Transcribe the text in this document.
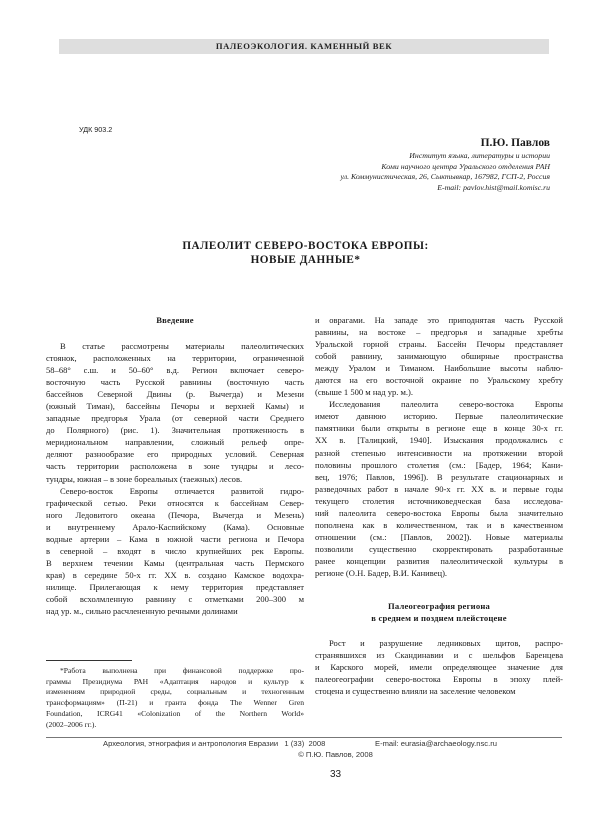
ПАЛЕОЭКОЛОГИЯ. КАМЕННЫЙ ВЕК
УДК 903.2
П.Ю. Павлов
Институт языка, литературы и истории
Коми научного центра Уральского отделения РАН
ул. Коммунистическая, 26, Сыктывкар, 167982, ГСП-2, Россия
E-mail: pavlov.hist@mail.komisc.ru
ПАЛЕОЛИТ СЕВЕРО-ВОСТОКА ЕВРОПЫ:
НОВЫЕ ДАННЫЕ*
Введение
В статье рассмотрены материалы палеолитических
стоянок, расположенных на территории, ограниченной
58–68° с.ш. и 50–60° в.д. Регион включает северо-
восточную часть Русской равнины (восточную часть
бассейнов Северной Двины (р. Вычегда) и Мезени
(южный Тиман), бассейны Печоры и верхней Камы) и
западные предгорья Урала (от северной части Среднего
до Полярного) (рис. 1). Значительная протяженность в
меридиональном направлении, сложный рельеф опре-
деляют разнообразие его природных условий. Северная
часть территории расположена в зоне тундры и лесо-
тундры, южная – в зоне бореальных (таежных) лесов.
Северо-восток Европы отличается развитой гидро-
графической сетью. Реки относятся к бассейнам Север-
ного Ледовитого океана (Печора, Вычегда и Мезень)
и внутреннему Арало-Каспийскому (Кама). Основные
водные артерии – Кама в южной части региона и Печора
в северной – входят в число крупнейших рек Европы.
В верхнем течении Камы (центральная часть Пермского
края) в середине 50-х гг. XX в. создано Камское водохра-
нилище. Прилегающая к нему территория представляет
собой всхолмленную равнину с отметками 200–300 м
над ур. м., сильно расчлененную речными долинами
*Работа выполнена при финансовой поддержке про-
граммы Президиума РАН «Адаптация народов и культур к
изменениям природной среды, социальным и техногенным
трансформациям» (П-21) и гранта фонда The Wenner Gren
Foundation, ICRG41 «Colonization of the Northern World»
(2002–2006 гг.).
и оврагами. На западе это приподнятая часть Русской
равнины, на востоке – предгорья и западные хребты
Уральской горной страны. Бассейн Печоры представляет
собой равнину, занимающую обширные пространства
между Уралом и Тиманом. Наибольшие высоты наблю-
даются на его восточной окраине по Уральскому хребту
(свыше 1 500 м над ур. м.).
Исследования палеолита северо-востока Европы
имеют давнюю историю. Первые палеолитические
памятники были открыты в регионе еще в конце 30-х гг.
XX в. [Талицкий, 1940]. Изыскания продолжались с
разной степенью интенсивности на протяжении второй
половины прошлого столетия (см.: [Бадер, 1964; Кани-
вец, 1976; Павлов, 1996]). В результате стационарных и
разведочных работ в начале 90-х гг. XX в. и первые годы
текущего столетия источниковедческая база исследова-
ний палеолита северо-востока Европы была значительно
пополнена как в количественном, так и в качественном
отношении (см.: [Павлов, 2002]). Новые материалы
позволили существенно скорректировать разработанные
ранее концепции развития палеолитической культуры в
регионе (О.Н. Бадер, В.И. Канивец).
Палеогеография региона
в среднем и позднем плейстоцене
Рост и разрушение ледниковых щитов, распро-
странявшихся из Скандинавии и с шельфов Баренцева
и Карского морей, имели определяющее значение для
палеогеографии северо-востока Европы в эпоху плей-
стоцена и существенно влияли на заселение человеком
Археология, этнография и антропология Евразии   1 (33)  2008	E-mail: eurasia@archaeology.nsc.ru
© П.Ю. Павлов, 2008
33
